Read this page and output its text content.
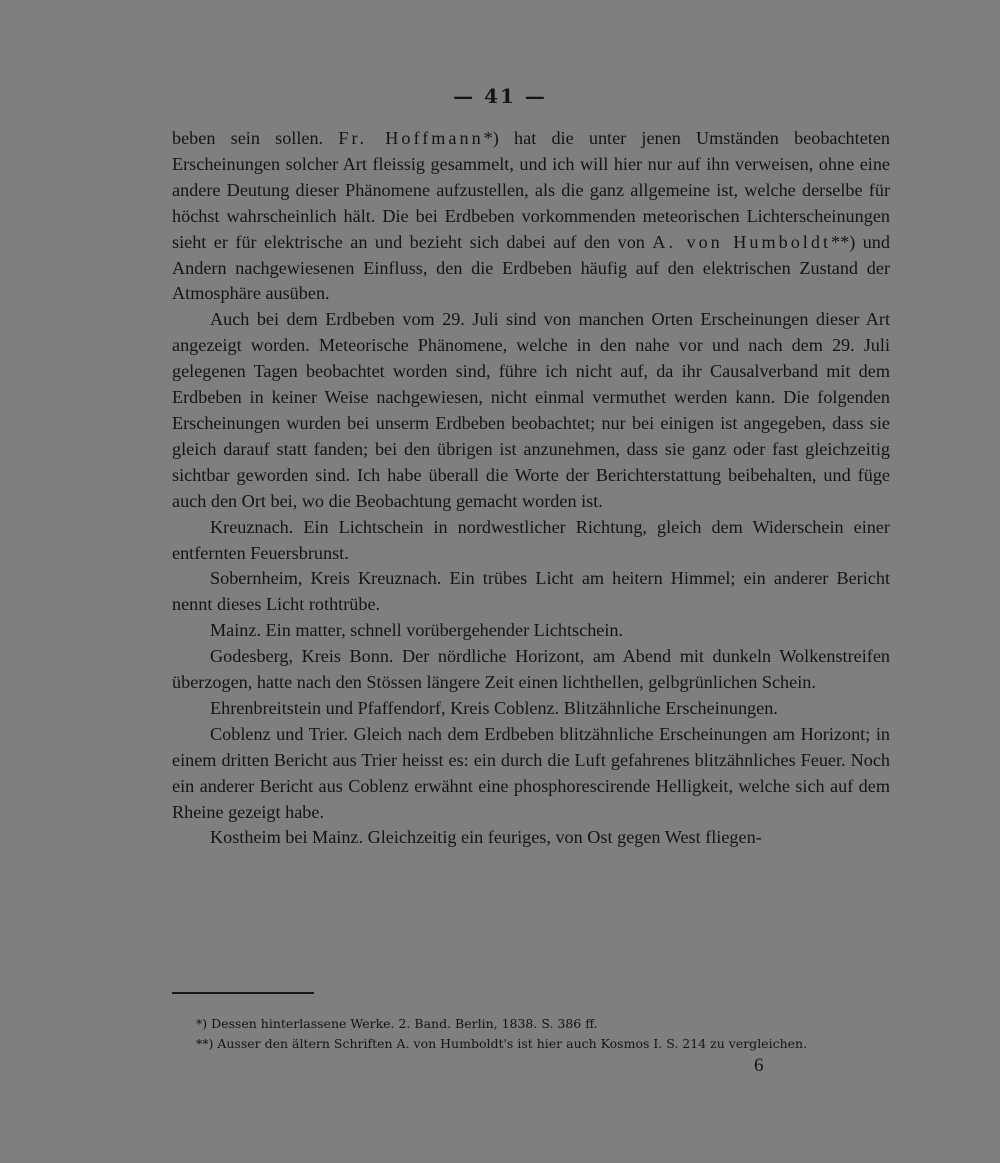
— 41 —

beben sein sollen. Fr. Hoffmann*) hat die unter jenen Umständen beobachteten Erscheinungen solcher Art fleissig gesammelt, und ich will hier nur auf ihn verweisen, ohne eine andere Deutung dieser Phänomene aufzustellen, als die ganz allgemeine ist, welche derselbe für höchst wahrscheinlich hält. Die bei Erdbeben vorkommenden meteorischen Lichterscheinungen sieht er für elektrische an und bezieht sich dabei auf den von A. von Humboldt**) und Andern nachgewiesenen Einfluss, den die Erdbeben häufig auf den elektrischen Zustand der Atmosphäre ausüben.

Auch bei dem Erdbeben vom 29. Juli sind von manchen Orten Erscheinungen dieser Art angezeigt worden. Meteorische Phänomene, welche in den nahe vor und nach dem 29. Juli gelegenen Tagen beobachtet worden sind, führe ich nicht auf, da ihr Causalverband mit dem Erdbeben in keiner Weise nachgewiesen, nicht einmal vermuthet werden kann. Die folgenden Erscheinungen wurden bei unserm Erdbeben beobachtet; nur bei einigen ist angegeben, dass sie gleich darauf statt fanden; bei den übrigen ist anzunehmen, dass sie ganz oder fast gleichzeitig sichtbar geworden sind. Ich habe überall die Worte der Berichterstattung beibehalten, und füge auch den Ort bei, wo die Beobachtung gemacht worden ist.

Kreuznach. Ein Lichtschein in nordwestlicher Richtung, gleich dem Widerschein einer entfernten Feuersbrunst.

Sobernheim, Kreis Kreuznach. Ein trübes Licht am heitern Himmel; ein anderer Bericht nennt dieses Licht rothtrübe.

Mainz. Ein matter, schnell vorübergehender Lichtschein.

Godesberg, Kreis Bonn. Der nördliche Horizont, am Abend mit dunkeln Wolkenstreifen überzogen, hatte nach den Stössen längere Zeit einen lichthellen, gelbgrünlichen Schein.

Ehrenbreitstein und Pfaffendorf, Kreis Coblenz. Blitzähnliche Erscheinungen.

Coblenz und Trier. Gleich nach dem Erdbeben blitzähnliche Erscheinungen am Horizont; in einem dritten Bericht aus Trier heisst es: ein durch die Luft gefahrenes blitzähnliches Feuer. Noch ein anderer Bericht aus Coblenz erwähnt eine phosphorescirende Helligkeit, welche sich auf dem Rheine gezeigt habe.

Kostheim bei Mainz. Gleichzeitig ein feuriges, von Ost gegen West fliegen-

*) Dessen hinterlassene Werke. 2. Band. Berlin, 1838. S. 386 ff.

**) Ausser den ältern Schriften A. von Humboldt's ist hier auch Kosmos I. S. 214 zu vergleichen.

6
